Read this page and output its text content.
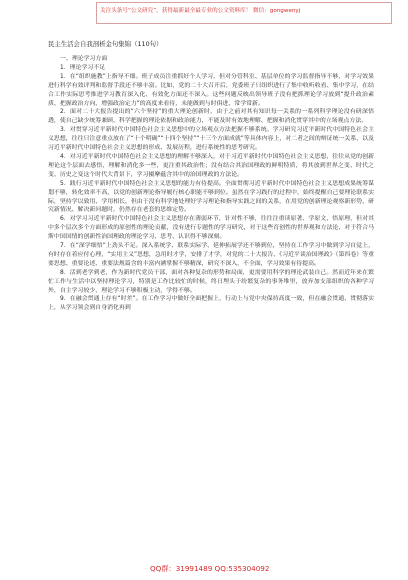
关注头条号“公文研究”，获得最新最全最专业的公文资料库！ 微信：gongwenyj
民主生活会自我剖析金句集锦（110句）
一、理论学习方面
1．理论学习不足

1．在“组织施教”上指导不细。班子成员注重抓好个人学习，但对分管科室、基层单位的学习监督指导不够，对学习效果进行科学有效评判和监督手段还不够丰富。比如，党的二十大召开后，党委班子只组织进行了集中收听收看、集中学习，在结合工作实际思考推进学习教育深入化、有效化方面还不深入。这些问题反映出领导班子没有把抓理论学习放到“提升政治素质、把握政治方向、增强政治定力”的高度来看待，未能做到与时俱进、常学常新。

2．面对二十大报告提出的“六个坚持”的重大理论创新时，由于之前对其有知识每一关系的一系列科学理论没有研深悟透，使自己缺少统筹兼顾、科学把握的理论依据和政治能力，不能及时有效地理解、把握和消化贯穿其中的立场观点方法。

3．对贯穿习近平新时代中国特色社会主义思想中的立场观点方法把握不够系统。学习研究习近平新时代中国特色社会主义思想，往往只注意重点放在了“十个明确”“十四个坚持”“十三个方面成就”等具体内容上，对二者之间的辩证统一关系，以及习近平新时代中国特色社会主义思想的形成、发展历程，进行系统性的思考研究。

4．对习近平新时代中国特色社会主义思想的理解不够深入，对于习近平新时代中国特色社会主义思想，往往从党的创新理论这个层面去感悟，理解和消化多一些，更注重其政治性；没有结合其治国理政的鲜明特质，将其放到世界之变、时代之变、历史之变这个时代大背景下，学习摄摩蕴含其中的治国理政的方法论。

5．践行习近平新时代中国特色社会主义思想的能力有待提高。全面贯彻习近平新时代中国特色社会主义思想成果统筹谋划不够，转化效率不高，以党的创新理论指导履行核心职能不够到位。虽然在学习践行的过程中，始终提醒自己要理论联系实际，坚持学以致用、学用相长，但由于没有科学地处理好学习理论和指导实践之间的关系，在用党的创新理论观察新形势、研究新情况、解决新问题时，仍然存在老套的思维定势。

6．对学习习近平新时代中国特色社会主义思想存在薄弱环节，针对性不够，往往注重读原著、学原文、悟原理，但对其中多个层次多个方面形成的原创性的理论贡献，没有进行专题性的学习研究，对于这些育创性的世界观和方法论，对于符合马斯中国国情的创新性治国理政的理论学习，思考、认识得不够深刻。

7．在“深学细悟”上劲头不足。深入系统学、联系实际学、延伸拓展学还不够到位，坚持在工作学习中做到学习自觉上，有时存在着应付心理，“实用主义”思想，急用时才学，安排了才学，对党的二十大报告、《习近平谈治国理政》（第四卷）等重要思想、重要论述、重要法规篇含的丰富内涵掌握不够精深，研究不深入，不全面，学习效果有待提高。

8．活到老学到老，作为新时代党员干部，面对各种复杂的形势和局面，更需要用科学的理论武装自己。然而近年来在繁忙工作与生活中以坚持理论学习，特别是工作比较忙的时候，终日埋头于纷繁复杂的事务堆里，放弃加支部组织的各种学习外，自主学习较少，理论学习不够积极主动，学得不够。

9．在融会贯通上存有“时差”。在工作学习中做好全面把握上，行动上与党中央保持高度一致，但在融会贯通、贯彻落实上，从学习领会到自身消化再到

QQ群：31991489 QQ:535304092
